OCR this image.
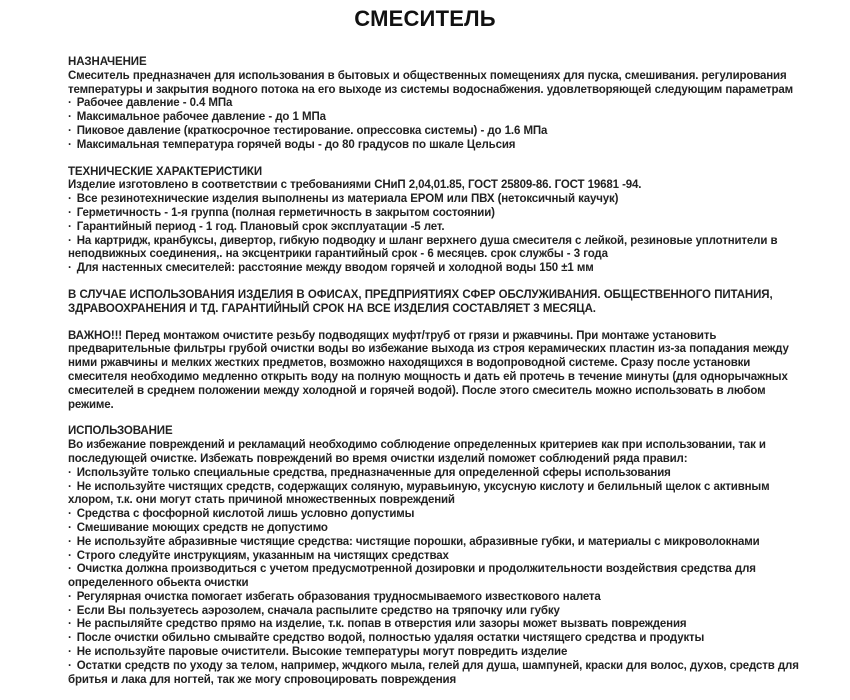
СМЕСИТЕЛЬ
НАЗНАЧЕНИЕ

Смеситель предназначен для использования в бытовых и общественных помещениях для пуска, смешивания. регулирования температуры и закрытия водного потока на его выходе из системы водоснабжения. удовлетворяющей следующим параметрам

· Рабочее давление - 0.4 МПа

· Максимальное рабочее давление - до 1 МПа

· Пиковое давление (краткосрочное тестирование. опрессовка системы) - до 1.6 МПа

· Максимальная температура горячей воды - до 80 градусов по шкале Цельсия

ТЕХНИЧЕСКИЕ ХАРАКТЕРИСТИКИ

Изделие изготовлено в соответствии с требованиями СНиП 2,04,01.85, ГОСТ 25809-86. ГОСТ 19681 -94.

· Все резинотехнические изделия выполнены из материала EPOM или ПВХ (нетоксичный каучук)

· Герметичность - 1-я группа (полная герметичность в закрытом состоянии)

· Гарантийный период - 1 год. Плановый срок эксплуатации -5 лет.

· На картридж, кранбуксы, дивертор, гибкую подводку и шланг верхнего душа смесителя с лейкой, резиновые уплотнители в неподвижных соединения,. на эксцентрики гарантийный срок - 6 месяцев. срок службы - 3 года

· Для настенных смесителей: расстояние между вводом горячей и холодной воды 150 ±1 мм

В СЛУЧАЕ ИСПОЛЬЗОВАНИЯ ИЗДЕЛИЯ В ОФИСАХ, ПРЕДПРИЯТИЯХ СФЕР ОБСЛУЖИВАНИЯ. ОБЩЕСТВЕННОГО ПИТАНИЯ, ЗДРАВООХРАНЕНИЯ И ТД. ГАРАНТИЙНЫЙ СРОК НА ВСЕ ИЗДЕЛИЯ СОСТАВЛЯЕТ 3 МЕСЯЦА.

ВАЖНО!!! Перед монтажом очистите резьбу подводящих муфт/труб от грязи и ржавчины. При монтаже установить предварительные фильтры грубой очистки воды во избежание выхода из строя керамических пластин из-за попадания между ними ржавчины и мелких жестких предметов, возможно находящихся в водопроводной системе. Сразу после установки смесителя необходимо медленно открыть воду на полную мощность и дать ей протечь в течение минуты (для однорычажных смесителей в среднем положении между холодной и горячей водой). После этого смеситель можно использовать в любом режиме.

ИСПОЛЬЗОВАНИЕ

Во избежание повреждений и рекламаций необходимо соблюдение определенных критериев как при использовании, так и последующей очистке. Избежать повреждений во время очистки изделий поможет соблюдений ряда правил:

· Используйте только специальные средства, предназначенные для определенной сферы использования

· Не используйте чистящих средств, содержащих соляную, муравьиную, уксусную кислоту и белильный щелок с активным хлором, т.к. они могут стать причиной множественных повреждений

· Средства с фосфорной кислотой лишь условно допустимы

· Смешивание моющих средств не допустимо

· Не используйте абразивные чистящие средства: чистящие порошки, абразивные губки, и материалы с микроволокнами

· Строго следуйте инструкциям, указанным на чистящих средствах

· Очистка должна производиться с учетом предусмотренной дозировки и продолжительности воздействия средства для определенного обьекта очистки

· Регулярная очистка помогает избегать образования трудносмываемого известкового налета

· Если Вы пользуетесь аэрозолем, сначала распылите средство на тряпочку или губку

· Не распыляйте средство прямо на изделие, т.к. попав в отверстия или зазоры может вызвать повреждения

· После очистки обильно смывайте средство водой, полностью удаляя остатки чистящего средства и продукты

· Не используйте паровые очистители. Высокие температуры могут повредить изделие

· Остатки средств по уходу за телом, например, жчдкого мыла, гелей для душа, шампуней, краски для волос, духов, средств для бритья и лака для ногтей, так же могу спровоцировать повреждения
